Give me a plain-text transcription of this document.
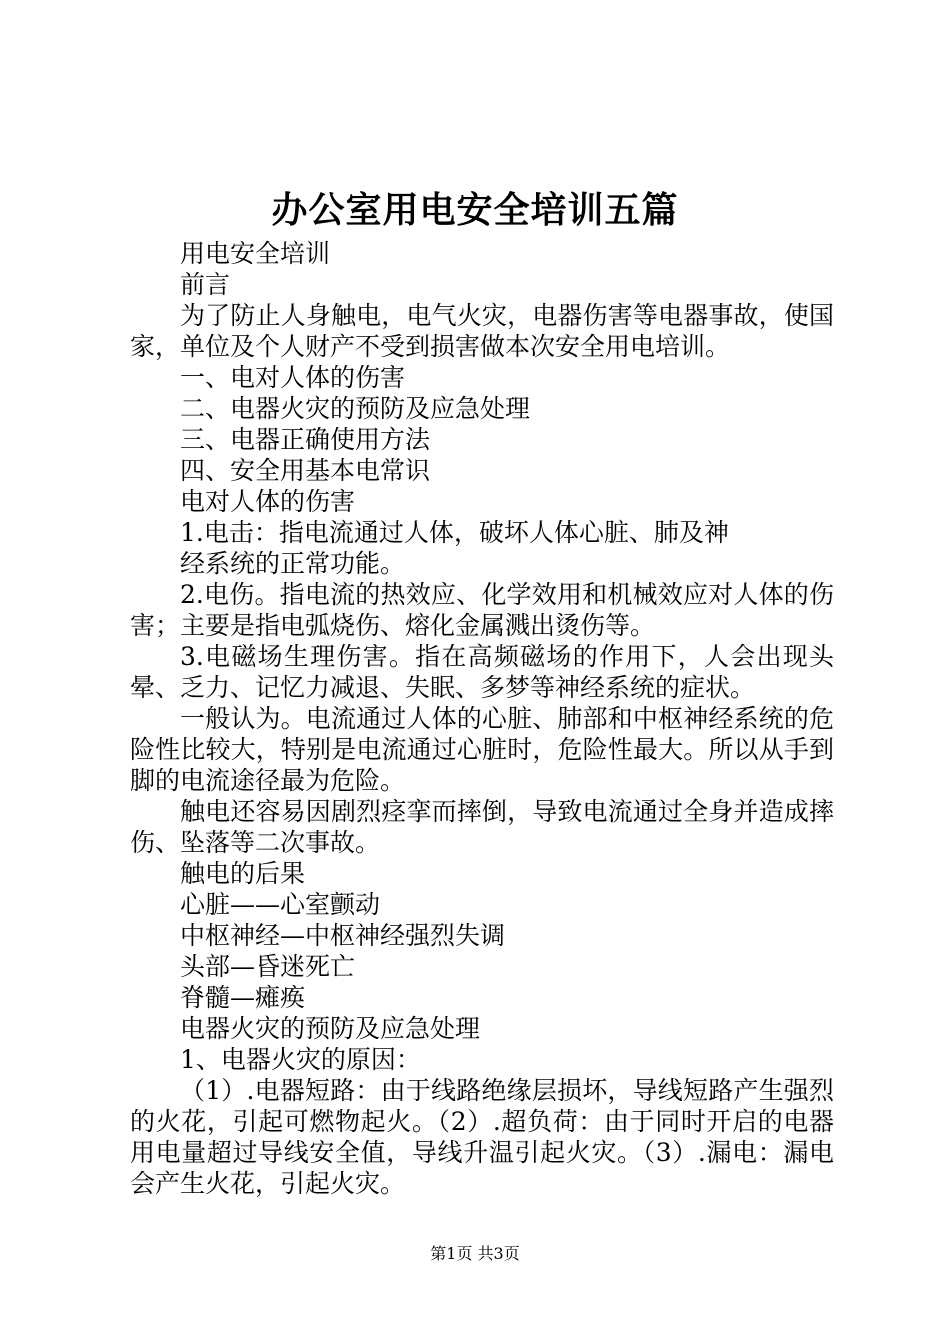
办公室用电安全培训五篇

用电安全培训

前言

为了防止人身触电，电气火灾，电器伤害等电器事故，使国家，单位及个人财产不受到损害做本次安全用电培训。

一、电对人体的伤害

二、电器火灾的预防及应急处理

三、电器正确使用方法

四、安全用基本电常识

电对人体的伤害

1.电击：指电流通过人体，破坏人体心脏、肺及神

经系统的正常功能。

2.电伤。指电流的热效应、化学效用和机械效应对人体的伤害；主要是指电弧烧伤、熔化金属溅出烫伤等。

3.电磁场生理伤害。指在高频磁场的作用下，人会出现头晕、乏力、记忆力减退、失眠、多梦等神经系统的症状。

一般认为。电流通过人体的心脏、肺部和中枢神经系统的危险性比较大，特别是电流通过心脏时，危险性最大。所以从手到脚的电流途径最为危险。

触电还容易因剧烈痉挛而摔倒，导致电流通过全身并造成摔伤、坠落等二次事故。

触电的后果

心脏——心室颤动

中枢神经—中枢神经强烈失调

头部—昏迷死亡

脊髓—瘫痪

电器火灾的预防及应急处理

1、电器火灾的原因：

（1）.电器短路：由于线路绝缘层损坏，导线短路产生强烈的火花，引起可燃物起火。（2）.超负荷：由于同时开启的电器用电量超过导线安全值，导线升温引起火灾。（3）.漏电：漏电会产生火花，引起火灾。

第1页 共3页
